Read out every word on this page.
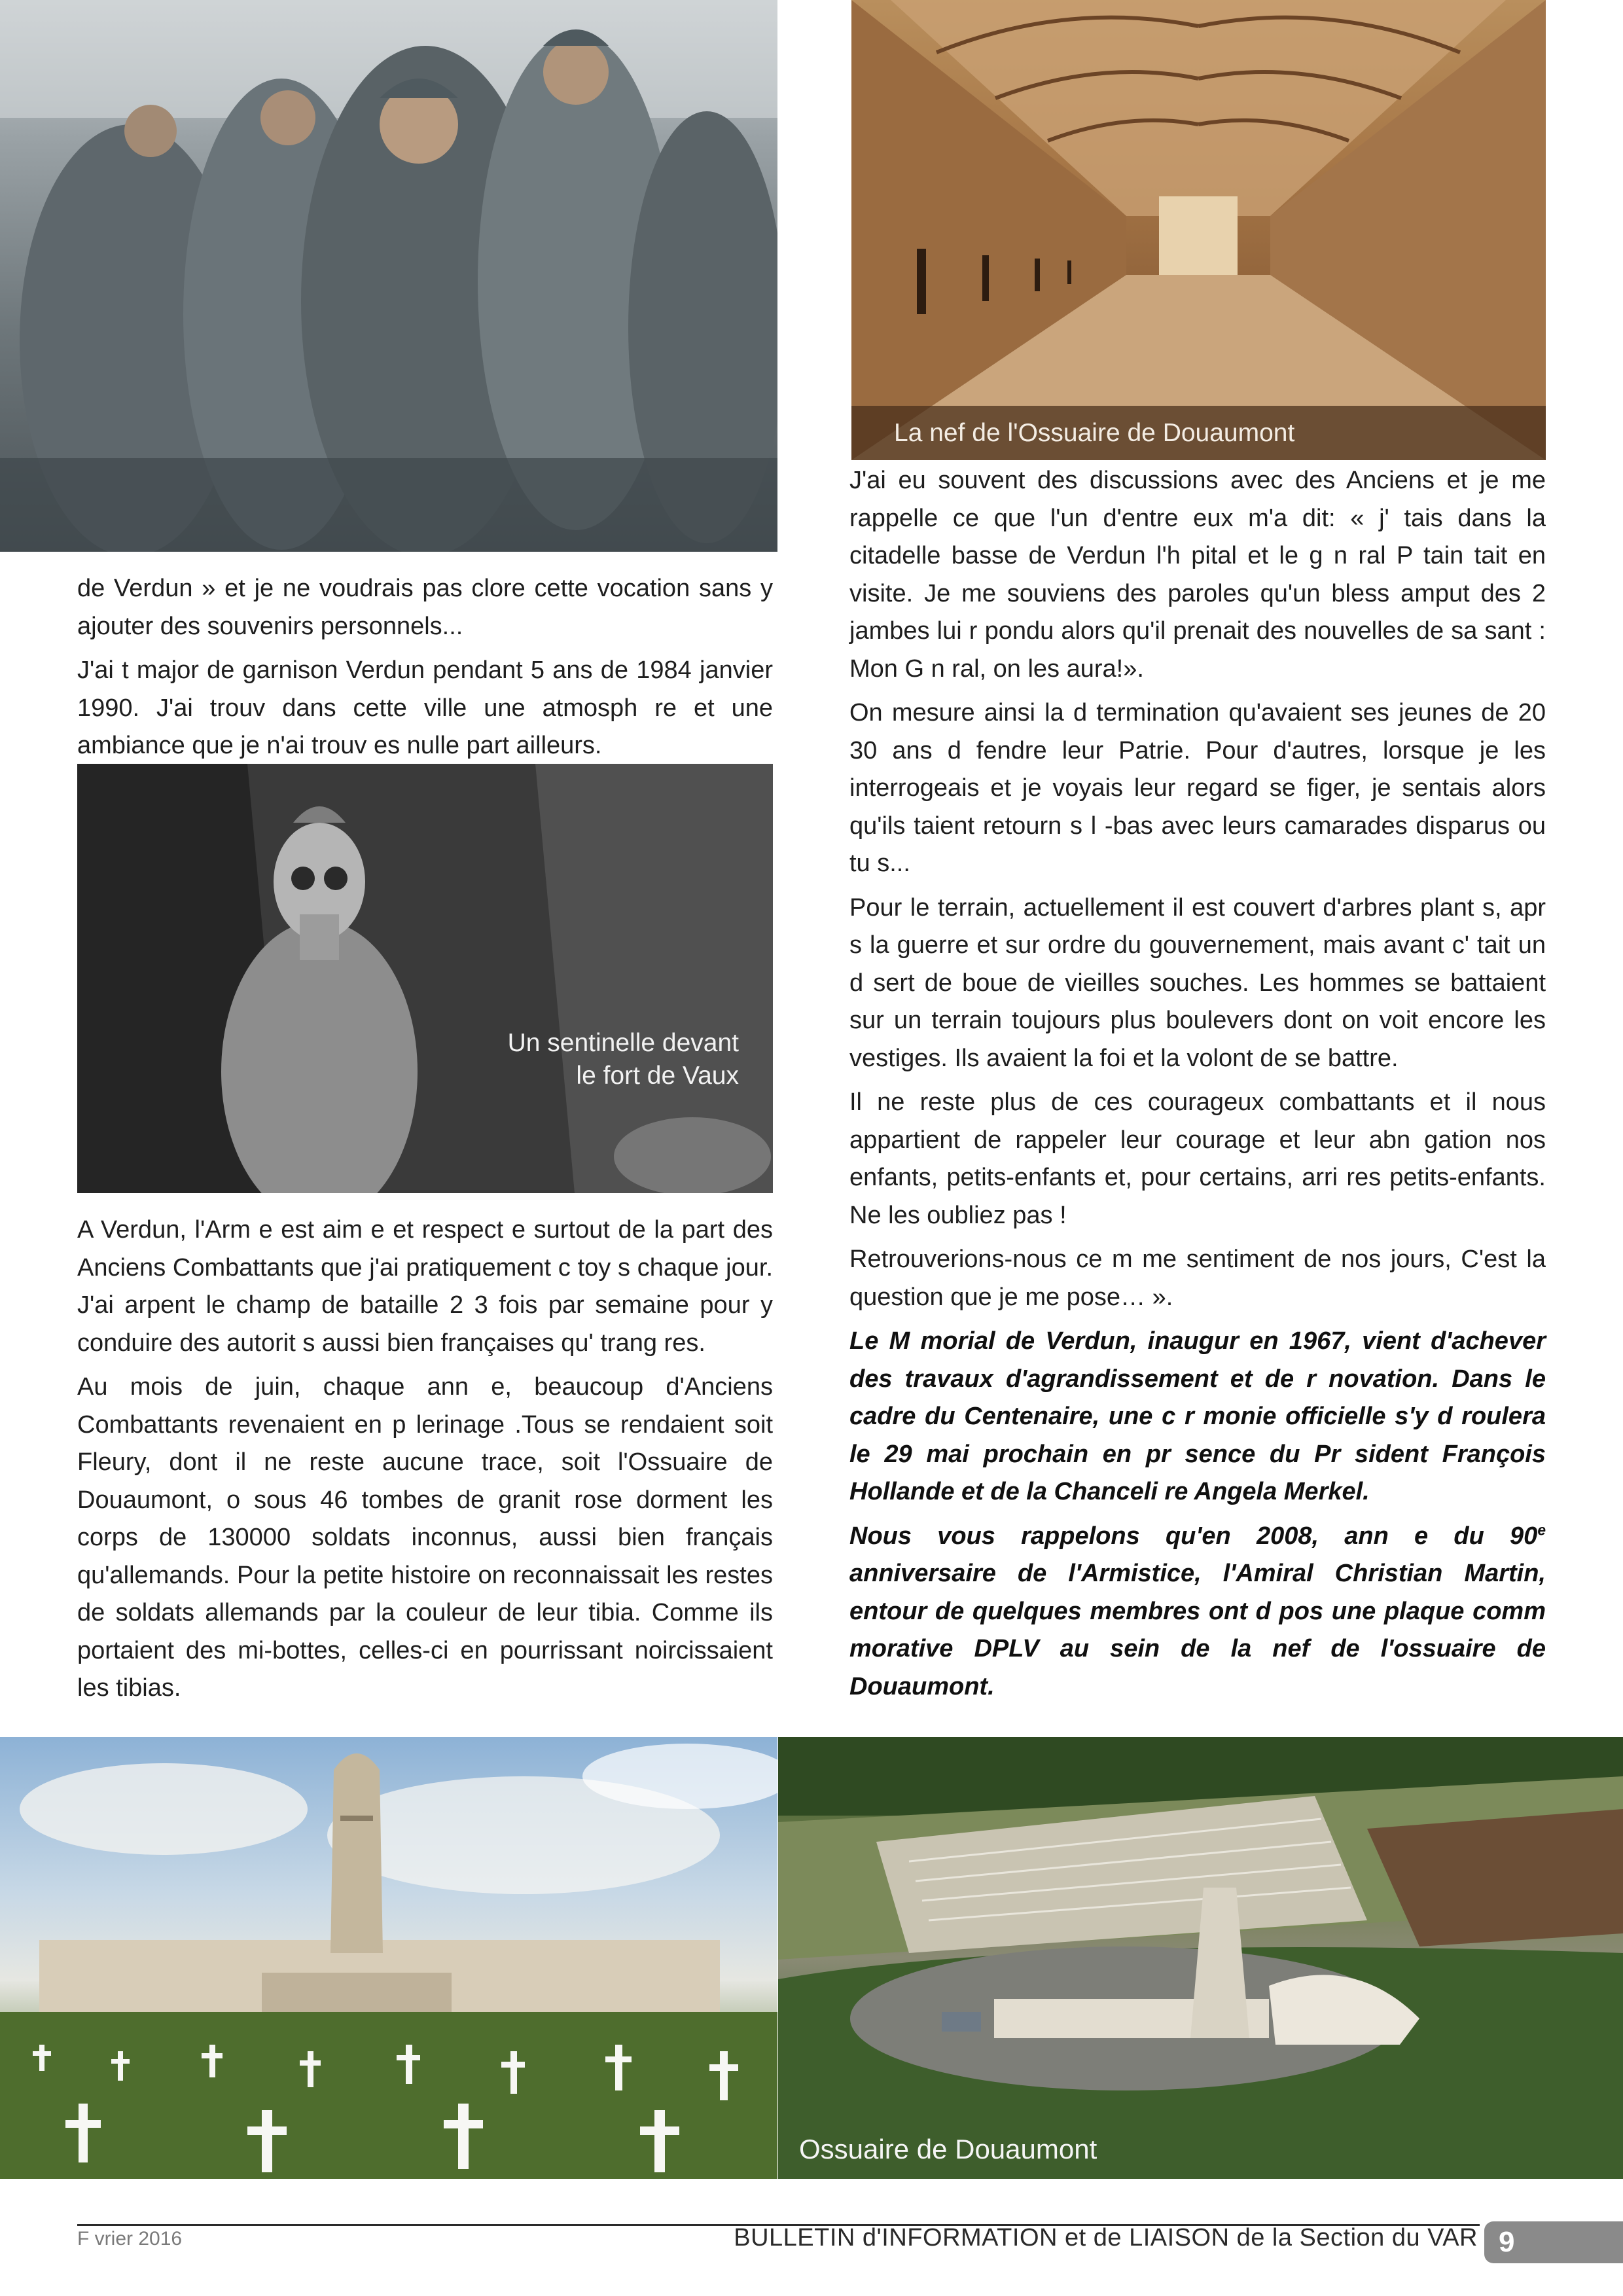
La nef de l'Ossuaire de Douaumont

de Verdun » et je ne voudrais pas clore cette vocation sans y ajouter des souvenirs personnels...

J'ai t major de garnison Verdun pendant 5 ans de 1984 janvier 1990. J'ai trouv dans cette ville une atmosph re et une ambiance que je n'ai trouv es nulle part ailleurs.

Un sentinelle devant
le fort de Vaux

A Verdun, l'Arm e est aim e et respect e surtout de la part des Anciens Combattants que j'ai pratiquement c toy s chaque jour. J'ai arpent le champ de bataille 2 3 fois par semaine pour y conduire des autorit s aussi bien françaises qu' trang res.

Au mois de juin, chaque ann e, beaucoup d'Anciens Combattants revenaient en p lerinage .Tous se rendaient soit Fleury, dont il ne reste aucune trace, soit l'Ossuaire de Douaumont, o sous 46 tombes de granit rose dorment les corps de 130000 soldats inconnus, aussi bien français qu'allemands. Pour la petite histoire on reconnaissait les restes de soldats allemands par la couleur de leur tibia. Comme ils portaient des mi-bottes, celles-ci en pourrissant noircissaient les tibias.

J'ai eu souvent des discussions avec des Anciens et je me rappelle ce que l'un d'entre eux m'a dit: « j' tais dans la citadelle basse de Verdun l'h pital et le g n ral P tain tait en visite. Je me souviens des paroles qu'un bless amput des 2 jambes lui r pondu alors qu'il prenait des nouvelles de sa sant : Mon G n ral, on les aura!».

On mesure ainsi la d termination qu'avaient ses jeunes de 20 30 ans d fendre leur Patrie. Pour d'autres, lorsque je les interrogeais et je voyais leur regard se figer, je sentais alors qu'ils taient retourn s l -bas avec leurs camarades disparus ou tu s...

Pour le terrain, actuellement il est couvert d'arbres plant s, apr s la guerre et sur ordre du gouvernement, mais avant c' tait un d sert de boue de vieilles souches. Les hommes se battaient sur un terrain toujours plus boulevers dont on voit encore les vestiges. Ils avaient la foi et la volont de se battre.

Il ne reste plus de ces courageux combattants et il nous appartient de rappeler leur courage et leur abn gation nos enfants, petits-enfants et, pour certains, arri res petits-enfants. Ne les oubliez pas !

Retrouverions-nous ce m me sentiment de nos jours, C'est la question que je me pose… ».

Le M morial de Verdun, inaugur en 1967, vient d'achever des travaux d'agrandissement et de r novation. Dans le cadre du Centenaire, une c r monie officielle s'y d roulera le 29 mai prochain en pr sence du Pr sident François Hollande et de la Chanceli re Angela Merkel.

Nous vous rappelons qu'en 2008, ann e du 90e anniversaire de l'Armistice, l'Amiral Christian Martin, entour de quelques membres ont d pos une plaque comm morative DPLV au sein de la nef de l'ossuaire de Douaumont.

Ossuaire de Douaumont
F vrier 2016	BULLETIN d'INFORMATION et de LIAISON de la Section du VAR 9
